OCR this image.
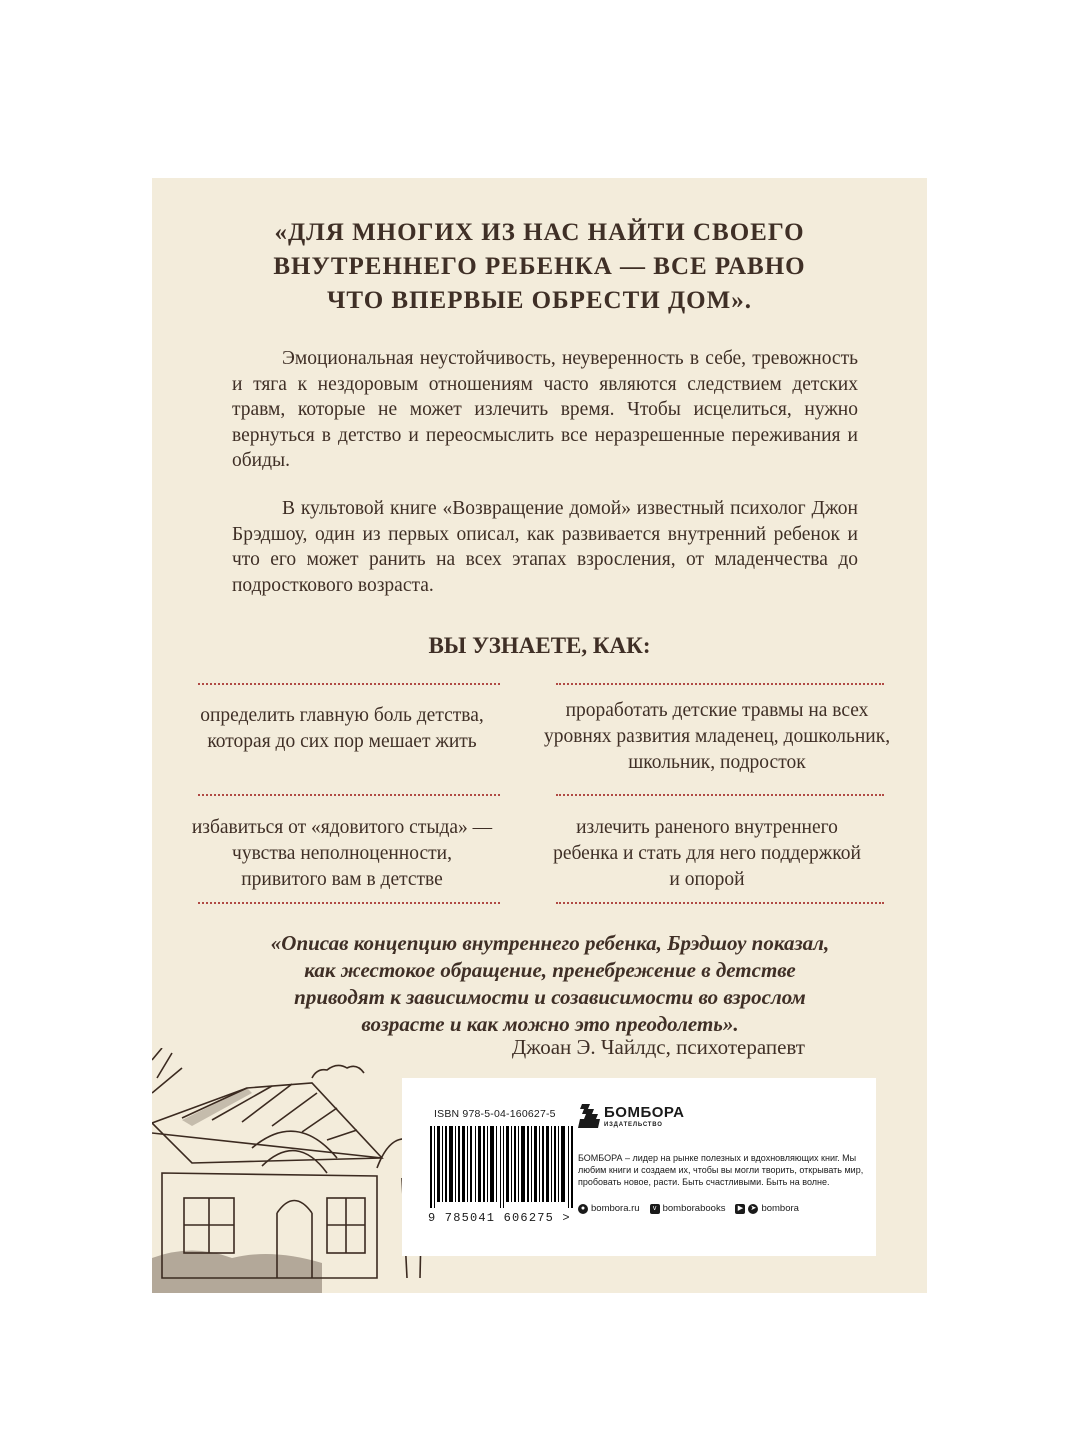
«ДЛЯ МНОГИХ ИЗ НАС НАЙТИ СВОЕГО
ВНУТРЕННЕГО РЕБЕНКА — ВСЕ РАВНО
ЧТО ВПЕРВЫЕ ОБРЕСТИ ДОМ».

Эмоциональная неустойчивость, неуверенность в себе, тревожность и тяга к нездоровым отношениям часто являются следствием детских травм, которые не может излечить время. Чтобы исцелиться, нужно вернуться в детство и переосмыслить все неразрешенные переживания и обиды.

В культовой книге «Возвращение домой» известный психолог Джон Брэдшоу, один из первых описал, как развивается внутренний ребенок и что его может ранить на всех этапах взросления, от младенчества до подросткового возраста.

ВЫ УЗНАЕТЕ, КАК:

определить главную боль детства, которая до сих пор мешает жить

проработать детские травмы на всех уровнях развития младенец, дошкольник, школьник, подросток

избавиться от «ядовитого стыда» — чувства неполноценности, привитого вам в детстве

излечить раненого внутреннего ребенка и стать для него поддержкой и опорой

«Описав концепцию внутреннего ребенка, Брэдшоу показал, как жестокое обращение, пренебрежение в детстве приводят к зависимости и созависимости во взрослом возрасте и как можно это преодолеть».

Джоан Э. Чайлдс, психотерапевт

ISBN 978-5-04-160627-5

9 785041 606275 >

БОМБОРА

ИЗДАТЕЛЬСТВО

БОМБОРА – лидер на рынке полезных и вдохновляющих книг. Мы любим книги и создаем их, чтобы вы могли творить, открывать мир, пробовать новое, расти. Быть счастливыми. Быть на волне.

● bombora.ru	v bomborabooks	▶	➤ bombora
